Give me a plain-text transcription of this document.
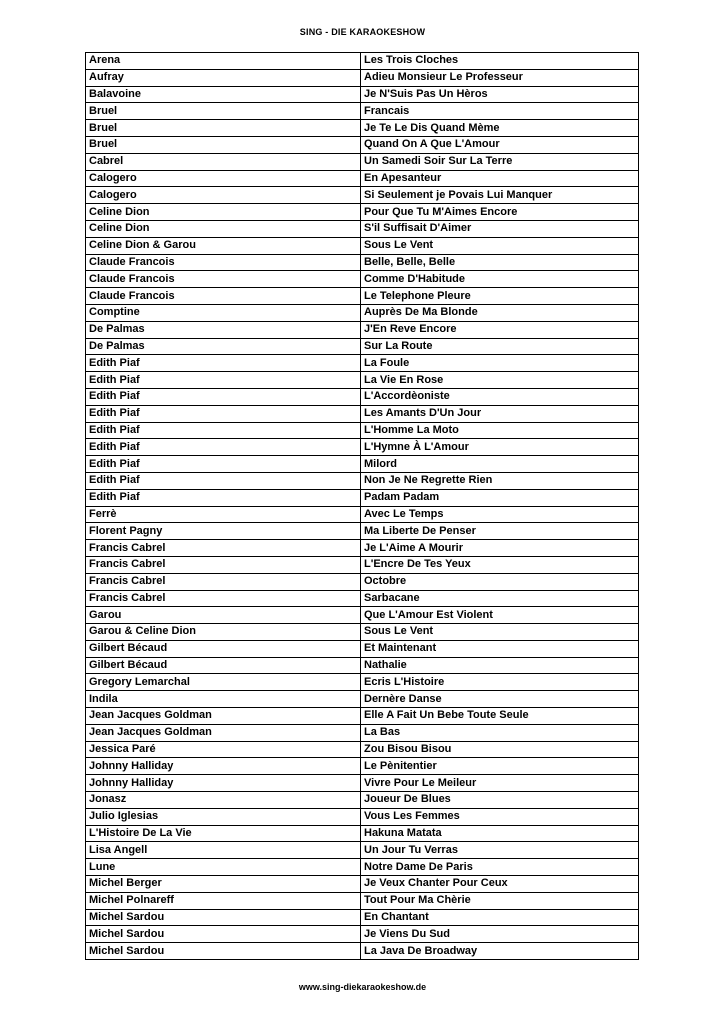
SING - DIE KARAOKESHOW
Arena	Les Trois Cloches
Aufray	Adieu Monsieur Le Professeur
Balavoine	Je N'Suis Pas Un Hèros
Bruel	Francais
Bruel	Je Te Le Dis Quand Mème
Bruel	Quand On A Que L'Amour
Cabrel	Un Samedi Soir Sur La Terre
Calogero	En Apesanteur
Calogero	Si Seulement je Povais Lui Manquer
Celine Dion	Pour Que Tu M'Aimes Encore
Celine Dion	S'il Suffisait D'Aimer
Celine Dion & Garou	Sous Le Vent
Claude Francois	Belle, Belle, Belle
Claude Francois	Comme D'Habitude
Claude Francois	Le Telephone Pleure
Comptine	Auprès De Ma Blonde
De Palmas	J'En Reve Encore
De Palmas	Sur La Route
Edith Piaf	La Foule
Edith Piaf	La Vie En Rose
Edith Piaf	L'Accordèoniste
Edith Piaf	Les Amants D'Un Jour
Edith Piaf	L'Homme La Moto
Edith Piaf	L'Hymne À L'Amour
Edith Piaf	Milord
Edith Piaf	Non Je Ne Regrette Rien
Edith Piaf	Padam Padam
Ferrè	Avec Le Temps
Florent Pagny	Ma Liberte De Penser
Francis Cabrel	Je L'Aime A Mourir
Francis Cabrel	L'Encre De Tes Yeux
Francis Cabrel	Octobre
Francis Cabrel	Sarbacane
Garou	Que L'Amour Est Violent
Garou & Celine Dion	Sous Le Vent
Gilbert Bécaud	Et Maintenant
Gilbert Bécaud	Nathalie
Gregory Lemarchal	Ecris L'Histoire
Indila	Dernère Danse
Jean Jacques Goldman	Elle A Fait Un Bebe Toute Seule
Jean Jacques Goldman	La Bas
Jessica Paré	Zou Bisou Bisou
Johnny Halliday	Le Pènitentier
Johnny Halliday	Vivre Pour Le Meileur
Jonasz	Joueur De Blues
Julio Iglesias	Vous Les Femmes
L'Histoire De La Vie	Hakuna Matata
Lisa Angell	Un Jour Tu Verras
Lune	Notre Dame De Paris
Michel Berger	Je Veux Chanter Pour Ceux
Michel Polnareff	Tout Pour Ma Chèrie
Michel Sardou	En Chantant
Michel Sardou	Je Viens Du Sud
Michel Sardou	La Java De Broadway
www.sing-diekaraokeshow.de
